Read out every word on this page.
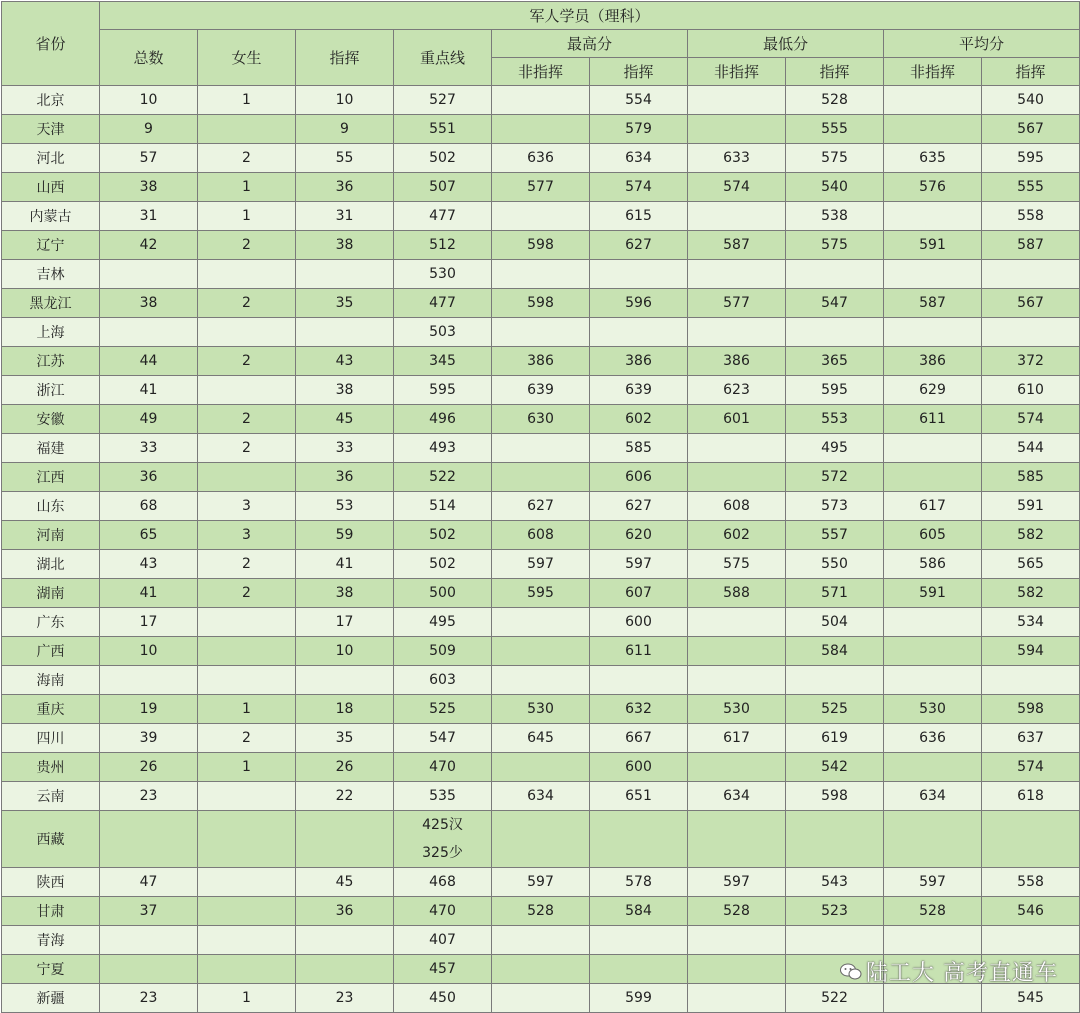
省份	军人学员（理科）									
	总数	女生	指挥	重点线	最高分		最低分		平均分	
					非指挥	指挥	非指挥	指挥	非指挥	指挥
北京	10	1	10	527		554		528		540
天津	9		9	551		579		555		567
河北	57	2	55	502	636	634	633	575	635	595
山西	38	1	36	507	577	574	574	540	576	555
内蒙古	31	1	31	477		615		538		558
辽宁	42	2	38	512	598	627	587	575	591	587
吉林				530						
黑龙江	38	2	35	477	598	596	577	547	587	567
上海				503						
江苏	44	2	43	345	386	386	386	365	386	372
浙江	41		38	595	639	639	623	595	629	610
安徽	49	2	45	496	630	602	601	553	611	574
福建	33	2	33	493		585		495		544
江西	36		36	522		606		572		585
山东	68	3	53	514	627	627	608	573	617	591
河南	65	3	59	502	608	620	602	557	605	582
湖北	43	2	41	502	597	597	575	550	586	565
湖南	41	2	38	500	595	607	588	571	591	582
广东	17		17	495		600		504		534
广西	10		10	509		611		584		594
海南				603						
重庆	19	1	18	525	530	632	530	525	530	598
四川	39	2	35	547	645	667	617	619	636	637
贵州	26	1	26	470		600		542		574
云南	23		22	535	634	651	634	598	634	618
西藏				425汉
325少						
陕西	47		45	468	597	578	597	543	597	558
甘肃	37		36	470	528	584	528	523	528	546
青海				407						
宁夏				457						
新疆	23	1	23	450		599		522		545
陆工大 高考直通车
